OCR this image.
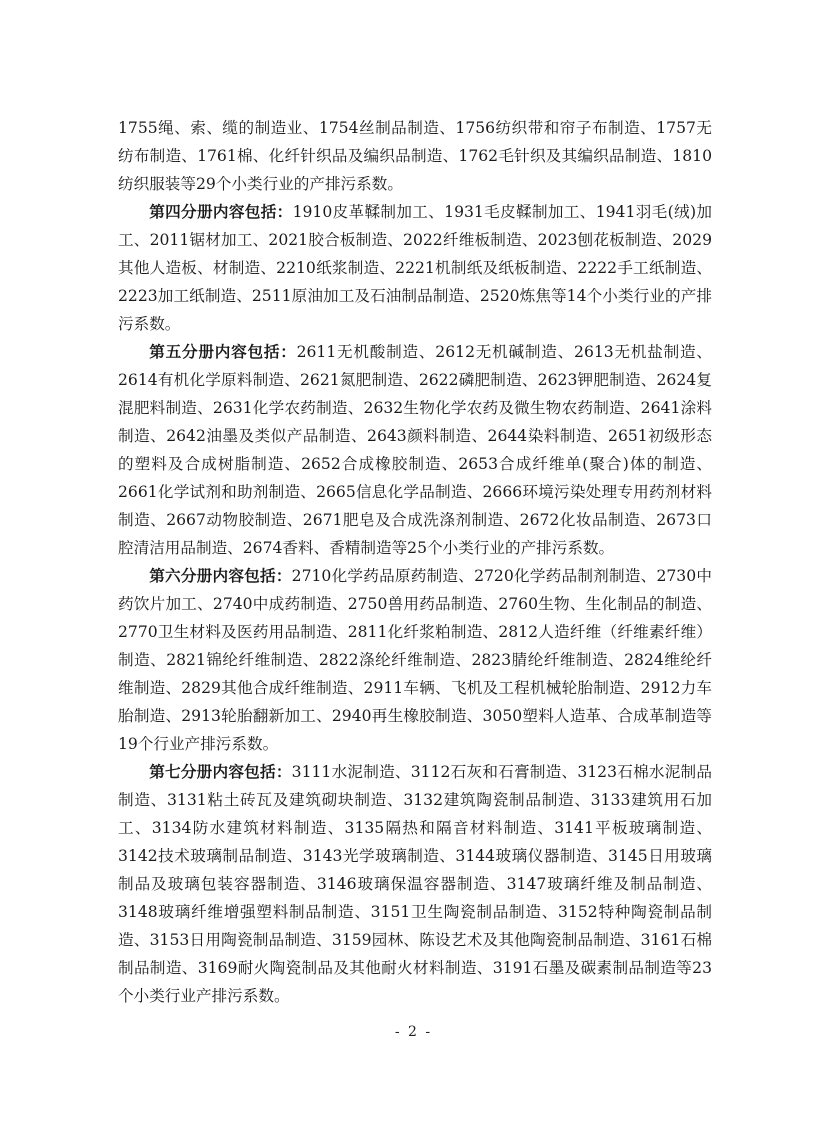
1755绳、索、缆的制造业、1754丝制品制造、1756纺织带和帘子布制造、1757无纺布制造、1761棉、化纤针织品及编织品制造、1762毛针织及其编织品制造、1810纺织服装等29个小类行业的产排污系数。

第四分册内容包括：1910皮革鞣制加工、1931毛皮鞣制加工、1941羽毛(绒)加工、2011锯材加工、2021胶合板制造、2022纤维板制造、2023刨花板制造、2029其他人造板、材制造、2210纸浆制造、2221机制纸及纸板制造、2222手工纸制造、2223加工纸制造、2511原油加工及石油制品制造、2520炼焦等14个小类行业的产排污系数。

第五分册内容包括：2611无机酸制造、2612无机碱制造、2613无机盐制造、2614有机化学原料制造、2621氮肥制造、2622磷肥制造、2623钾肥制造、2624复混肥料制造、2631化学农药制造、2632生物化学农药及微生物农药制造、2641涂料制造、2642油墨及类似产品制造、2643颜料制造、2644染料制造、2651初级形态的塑料及合成树脂制造、2652合成橡胶制造、2653合成纤维单(聚合)体的制造、2661化学试剂和助剂制造、2665信息化学品制造、2666环境污染处理专用药剂材料制造、2667动物胶制造、2671肥皂及合成洗涤剂制造、2672化妆品制造、2673口腔清洁用品制造、2674香料、香精制造等25个小类行业的产排污系数。

第六分册内容包括：2710化学药品原药制造、2720化学药品制剂制造、2730中药饮片加工、2740中成药制造、2750兽用药品制造、2760生物、生化制品的制造、2770卫生材料及医药用品制造、2811化纤浆粕制造、2812人造纤维（纤维素纤维）制造、2821锦纶纤维制造、2822涤纶纤维制造、2823腈纶纤维制造、2824维纶纤维制造、2829其他合成纤维制造、2911车辆、飞机及工程机械轮胎制造、2912力车胎制造、2913轮胎翻新加工、2940再生橡胶制造、3050塑料人造革、合成革制造等19个行业产排污系数。

第七分册内容包括：3111水泥制造、3112石灰和石膏制造、3123石棉水泥制品制造、3131粘土砖瓦及建筑砌块制造、3132建筑陶瓷制品制造、3133建筑用石加工、3134防水建筑材料制造、3135隔热和隔音材料制造、3141平板玻璃制造、3142技术玻璃制品制造、3143光学玻璃制造、3144玻璃仪器制造、3145日用玻璃制品及玻璃包装容器制造、3146玻璃保温容器制造、3147玻璃纤维及制品制造、3148玻璃纤维增强塑料制品制造、3151卫生陶瓷制品制造、3152特种陶瓷制品制造、3153日用陶瓷制品制造、3159园林、陈设艺术及其他陶瓷制品制造、3161石棉制品制造、3169耐火陶瓷制品及其他耐火材料制造、3191石墨及碳素制品制造等23个小类行业产排污系数。

- 2 -
